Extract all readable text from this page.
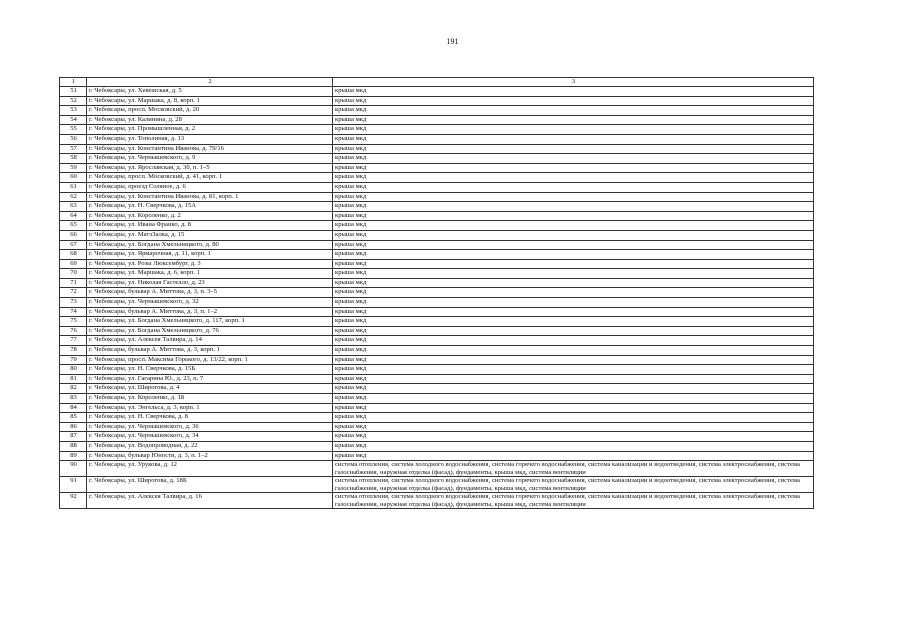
191
1	2	3
51	г. Чебоксары, ул. Хевешская, д. 5	крыша мкд
52	г. Чебоксары, ул. Маршака, д. 8, корп. 1	крыша мкд
53	г. Чебоксары, просп. Московский, д. 20	крыша мкд
54	г. Чебоксары, ул. Калинина, д. 28	крыша мкд
55	г. Чебоксары, ул. Промышленная, д. 2	крыша мкд
56	г. Чебоксары, ул. Тополиная, д. 13	крыша мкд
57	г. Чебоксары, ул. Константина Иванова, д. 79/16	крыша мкд
58	г. Чебоксары, ул. Чернышевского, д. 9	крыша мкд
59	г. Чебоксары, ул. Ярославская, д. 30, п. 1–5	крыша мкд
60	г. Чебоксары, просп. Московский, д. 41, корп. 1	крыша мкд
61	г. Чебоксары, проезд Соляное, д. 6	крыша мкд
62	г. Чебоксары, ул. Константина Иванова, д. 81, корп. 1	крыша мкд
63	г. Чебоксары, ул. Н. Сверчкова, д. 15А	крыша мкд
64	г. Чебоксары, ул. Короленко, д. 2	крыша мкд
65	г. Чебоксары, ул. Ивана Франко, д. 8	крыша мкд
66	г. Чебоксары, ул. МатэЗалка, д. 15	крыша мкд
67	г. Чебоксары, ул. Богдана Хмельницкого, д. 80	крыша мкд
68	г. Чебоксары, ул. Ярмарочная, д. 11, корп. 1	крыша мкд
69	г. Чебоксары, ул. Розы Люксембург, д. 3	крыша мкд
70	г. Чебоксары, ул. Маршака, д. 6, корп. 1	крыша мкд
71	г. Чебоксары, ул. Николая Гастелло, д. 23	крыша мкд
72	г. Чебоксары, бульвар А. Миттова, д. 3, п. 3–5	крыша мкд
73	г. Чебоксары, ул. Чернышевского, д. 32	крыша мкд
74	г. Чебоксары, бульвар А. Миттова, д. 3, п. 1–2	крыша мкд
75	г. Чебоксары, ул. Богдана Хмельницкого, д. 117, корп. 1	крыша мкд
76	г. Чебоксары, ул. Богдана Хмельницкого, д. 76	крыша мкд
77	г. Чебоксары, ул. Алексея Талвира, д. 14	крыша мкд
78	г. Чебоксары, бульвар А. Миттова, д. 3, корп. 1	крыша мкд
79	г. Чебоксары, просп. Максима Горького, д. 13/22, корп. 1	крыша мкд
80	г. Чебоксары, ул. Н. Сверчкова, д. 15Б	крыша мкд
81	г. Чебоксары, ул. Гагарина Ю., д. 23, п. 7	крыша мкд
82	г. Чебоксары, ул. Широгова, д. 4	крыша мкд
83	г. Чебоксары, ул. Короленко, д. 18	крыша мкд
84	г. Чебоксары, ул. Энгельса, д. 3, корп. 1	крыша мкд
85	г. Чебоксары, ул. Н. Сверчкова, д. 8	крыша мкд
86	г. Чебоксары, ул. Чернышевского, д. 36	крыша мкд
87	г. Чебоксары, ул. Чернышевского, д. 34	крыша мкд
88	г. Чебоксары, ул. Водопроводная, д. 22	крыша мкд
89	г. Чебоксары, бульвар Юности, д. 3, п. 1–2	крыша мкд
90	г. Чебоксары, ул. Урукова, д. 12	система отопления, система холодного водоснабжения, система горячего водоснабжения, система канализации и водоотведения, система электроснабжения, система газоснабжения, наружная отделка (фасад), фундаменты, крыша мкд, система вентиляции
91	г. Чебоксары, ул. Широгова, д. 18Б	система отопления, система холодного водоснабжения, система горячего водоснабжения, система канализации и водоотведения, система электроснабжения, система газоснабжения, наружная отделка (фасад), фундаменты, крыша мкд, система вентиляции
92	г. Чебоксары, ул. Алексея Талвира, д. 16	система отопления, система холодного водоснабжения, система горячего водоснабжения, система канализации и водоотведения, система электроснабжения, система газоснабжения, наружная отделка (фасад), фундаменты, крыша мкд, система вентиляции
